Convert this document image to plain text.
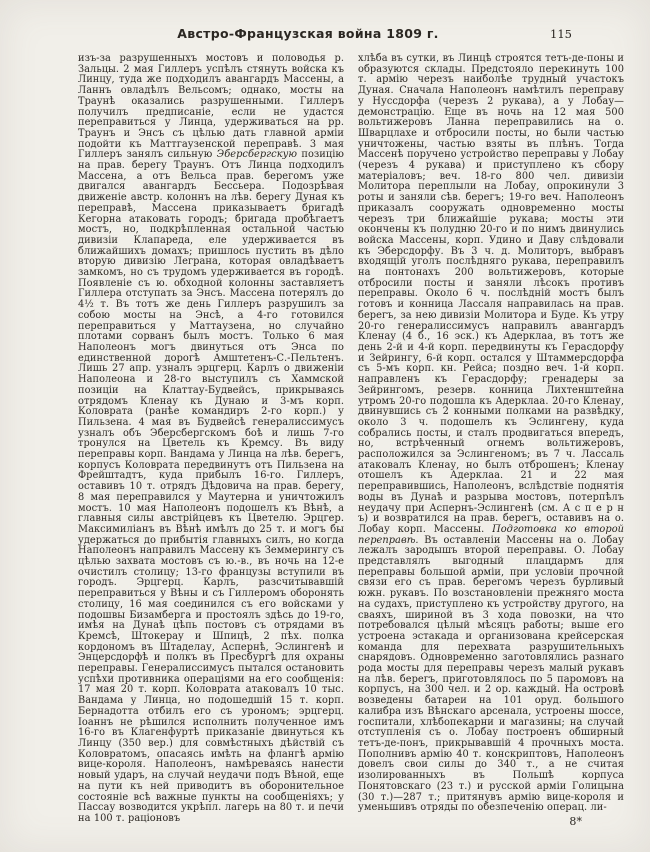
Австро-Французская война 1809 г.	115
изъ-за разрушенныхъ мостовъ и половодья р. Зальцы. 2 мая Гиллеръ успѣлъ стянуть войска къ Линцу, туда же подходилъ авангардъ Массены, а Ланнъ овладѣлъ Вельсомъ; однако, мосты на Траунѣ оказались разрушенными. Гиллеръ получилъ предписаніе, если не удастся переправиться у Линца, удерживаться на рр. Траунъ и Энсъ съ цѣлью дать главной арміи подойти къ Маттгаузенской переправѣ. 3 мая Гиллеръ занялъ сильную Эберсбергскую позицію на прав. берегу Траунъ. Отъ Линца подходилъ Массена, а отъ Вельса прав. берегомъ уже двигался авангардъ Бессьера. Подозрѣвая движеніе австр. колоннъ на лѣв. берегу Дуная къ переправѣ, Массена приказываетъ бригадѣ Кегорна атаковать городъ; бригада пробѣгаетъ мостъ, но, подкрѣпленная остальной частью дивизіи Клапареда, еле удерживается въ ближайшихъ домахъ; пришлось пустить въ дѣло вторую дивизію Леграна, которая овладѣваетъ замкомъ, но съ трудомъ удерживается въ городѣ. Появленіе съ ю. обходной колонны заставляетъ Гиллера отступать за Энсъ. Массена потерялъ до 4½ т. Въ тотъ же день Гиллеръ разрушилъ за собою мосты на Энсѣ, а 4-го готовился переправиться у Маттаузена, но случайно плотами сорванъ былъ мостъ. Только 6 мая Наполеонъ могъ двинуться отъ Энса по единственной дорогѣ Амштетенъ-С.-Пельтенъ. Лишь 27 апр. узналъ эрцгерц. Карлъ о движеніи Наполеона и 28-го выступилъ съ Хаммской позиціи на Клаттау-Будвейсъ, прикрываясь отрядомъ Кленау къ Дунаю и 3-мъ корп. Коловрата (ранѣе командиръ 2-го корп.) у Пильзена. 4 мая въ Будвейсѣ генералиссимусъ узналъ объ Эберсбергскомъ боѣ и лишь 7-го тронулся на Цветель къ Кремсу. Въ виду переправы корп. Вандама у Линца на лѣв. берегъ, корпусъ Коловрата передвинутъ отъ Пильзена на Фрейштадтъ, куда прибылъ 16-го. Гиллеръ, оставивъ 10 т. отрядъ Дѣдовича на прав. берегу, 8 мая переправился у Маутерна и уничтожилъ мостъ. 10 мая Наполеонъ подошелъ къ Вѣнѣ, а главныя силы австрійцевъ къ Цветелю. Эрцгер. Максимиліанъ въ Вѣнѣ имѣлъ до 25 т. и могъ бы удержаться до прибытія главныхъ силъ, но когда Наполеонъ направилъ Массену къ Земмерингу съ цѣлью захвата мостовъ съ ю.-в., въ ночь на 12-е очистилъ столицу; 13-го французы вступили въ городъ. Эрцгерц. Карлъ, разсчитывавшій переправиться у Вѣны и съ Гиллеромъ оборонять столицу, 16 мая соединился съ его войсками у подошвы Бизамберга и простоялъ здѣсь до 19-го, имѣя на Дунаѣ цѣпь постовъ съ отрядами въ Кремсѣ, Штокерау и Шпицѣ, 2 пѣх. полка кордономъ въ Штаделау, Аспернѣ, Эслингенѣ и Энцерсдорфѣ и полкъ въ Пресбургѣ для охраны переправы. Генералиссимусъ пытался остановить успѣхи противника операціями на его сообщенія: 17 мая 20 т. корп. Коловрата атаковалъ 10 тыс. Вандама у Линца, но подошедшій 15 т. корп. Бернадотта отбилъ его съ урономъ; эрцгерц. Іоаннъ не рѣшился исполнить полученное имъ 16-го въ Клагенфуртѣ приказаніе двинуться къ Линцу (350 вер.) для совмѣстныхъ дѣйствій съ Коловратомъ, опасаясь имѣть на флангѣ армію вице-короля. Наполеонъ, намѣреваясь нанести новый ударъ, на случай неудачи подъ Вѣной, еще на пути къ ней приводитъ въ оборонительное состояніе всѣ важные пункты на сообщеніяхъ; у Пассау возводится укрѣпл. лагерь на 80 т. и печи на 100 т. раціоновъ
хлѣба въ сутки, въ Линцѣ строятся тетъ-де-поны и образуются склады. Предстояло перекинуть 100 т. армію черезъ наиболѣе трудный участокъ Дуная. Сначала Наполеонъ намѣтилъ переправу у Нуссдорфа (черезъ 2 рукава), а у Лобау—демонстрацію. Еще въ ночь на 12 мая 500 вольтижеровъ Ланна переправились на о. Шварцлахе и отбросили посты, но были частью уничтожены, частью взяты въ плѣнъ. Тогда Массенѣ поручено устройство переправы у Лобау (черезъ 4 рукава) и приступлено къ сбору матеріаловъ; веч. 18-го 800 чел. дивизіи Молитора переплыли на Лобау, опрокинули 3 роты и заняли сѣв. берегъ; 19-го веч. Наполеонъ приказалъ сооружать одновременно мосты черезъ три ближайшіе рукава; мосты эти окончены къ полудню 20-го и по нимъ двинулись войска Массены, корп. Удино и Даву слѣдовали къ Эберсдорфу. Въ 3 ч. д. Молиторъ, выбравъ входящій уголъ послѣдняго рукава, переправилъ на понтонахъ 200 вольтижеровъ, которые отбросили посты и заняли лѣсокъ противъ переправы. Около 6 ч. послѣдній мостъ былъ готовъ и конница Лассаля направилась на прав. берегъ, за нею дивизіи Молитора и Буде. Къ утру 20-го генералиссимусъ направилъ авангардъ Кленау (4 б., 16 эск.) къ Адерклаа, въ тотъ же день 2-й и 4-й корп. передвинуты къ Герасдорфу и Зейрингу, 6-й корп. остался у Штаммерсдорфа съ 5-мъ корп. кн. Рейса; поздно веч. 1-й корп. направленъ къ Герасдорфу; гренадеры за Зейрингомъ, резерв. конница Лихтенштейна утромъ 20-го подошла къ Адерклаа. 20-го Кленау, двинувшись съ 2 конными полками на развѣдку, около 3 ч. подошелъ къ Эслингену, куда собрались посты, и сталъ продвигаться впередъ, но, встрѣченный огнемъ вольтижеровъ, расположился за Эслингеномъ; въ 7 ч. Лассаль атаковалъ Кленау, но былъ отброшенъ; Кленау отошелъ къ Адерклаа. 21 и 22 мая переправившись, Наполеонъ, вслѣдствіе поднятія воды въ Дунаѣ и разрыва мостовъ, потерпѣлъ неудачу при Аспернъ-Эслингенѣ (см. А с п е р н ъ) и возвратился на прав. берегъ, оставивъ на о. Лобау корп. Массены. Подготовка ко второй переправѣ. Въ оставленіи Массены на о. Лобау лежалъ зародышъ второй переправы. О. Лобау представлялъ выгодный плацдармъ для переправы большой арміи, при условіи прочной связи его съ прав. берегомъ черезъ бурливый южн. рукавъ. По возстановленіи прежняго моста на судахъ, приступлено къ устройству другого, на сваяхъ, шириной въ 3 хода повозки, на что потребовался цѣлый мѣсяцъ работы; выше его устроена эстакада и организована крейсерская команда для перехвата разрушительныхъ снарядовъ. Одновременно заготовлялись разнаго рода мосты для переправы черезъ малый рукавъ на лѣв. берегъ, приготовлялось по 5 паромовъ на корпусъ, на 300 чел. и 2 ор. каждый. На островѣ возведены батареи на 101 оруд. большого калибра изъ Вѣнскаго арсенала, устроены шоссе, госпитали, хлѣбопекарни и магазины; на случай отступленія съ о. Лобау построенъ обширный тетъ-де-понъ, прикрывавшій 4 прочныхъ моста. Пополнивъ армію 40 т. конскриптовъ, Наполеонъ довелъ свои силы до 340 т., а не считая изолированныхъ въ Польшѣ корпуса Понятовскаго (23 т.) и русской арміи Голицына (30 т.)—287 т.; притянувъ армію вице-короля и уменьшивъ отряды по обезпеченію операц. ли-
8*
